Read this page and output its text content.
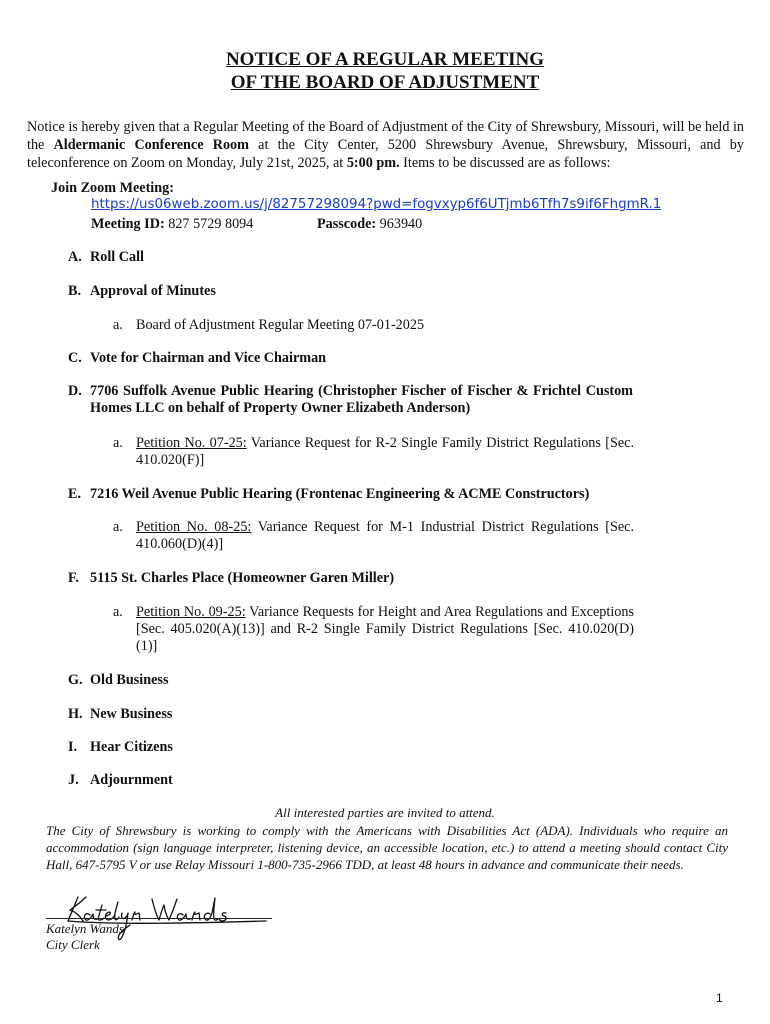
NOTICE OF A REGULAR MEETING
OF THE BOARD OF ADJUSTMENT
Notice is hereby given that a Regular Meeting of the Board of Adjustment of the City of Shrewsbury, Missouri, will be held in the Aldermanic Conference Room at the City Center, 5200 Shrewsbury Avenue, Shrewsbury, Missouri, and by teleconference on Zoom on Monday, July 21st, 2025, at 5:00 pm. Items to be discussed are as follows:
Join Zoom Meeting:
https://us06web.zoom.us/j/82757298094?pwd=fogvxyp6f6UTjmb6Tfh7s9if6FhgmR.1
Meeting ID: 827 5729 8094	Passcode: 963940
A. Roll Call
B. Approval of Minutes
a. Board of Adjustment Regular Meeting 07-01-2025
C. Vote for Chairman and Vice Chairman
D. 7706 Suffolk Avenue Public Hearing (Christopher Fischer of Fischer & Frichtel Custom Homes LLC on behalf of Property Owner Elizabeth Anderson)
a. Petition No. 07-25: Variance Request for R-2 Single Family District Regulations [Sec. 410.020(F)]
E. 7216 Weil Avenue Public Hearing (Frontenac Engineering & ACME Constructors)
a. Petition No. 08-25: Variance Request for M-1 Industrial District Regulations [Sec. 410.060(D)(4)]
F. 5115 St. Charles Place (Homeowner Garen Miller)
a. Petition No. 09-25: Variance Requests for Height and Area Regulations and Exceptions [Sec. 405.020(A)(13)] and R-2 Single Family District Regulations [Sec. 410.020(D)(1)]
G. Old Business
H. New Business
I. Hear Citizens
J. Adjournment
All interested parties are invited to attend.
The City of Shrewsbury is working to comply with the Americans with Disabilities Act (ADA). Individuals who require an accommodation (sign language interpreter, listening device, an accessible location, etc.) to attend a meeting should contact City Hall, 647-5795 V or use Relay Missouri 1-800-735-2966 TDD, at least 48 hours in advance and communicate their needs.
Katelyn Wands
City Clerk
1
